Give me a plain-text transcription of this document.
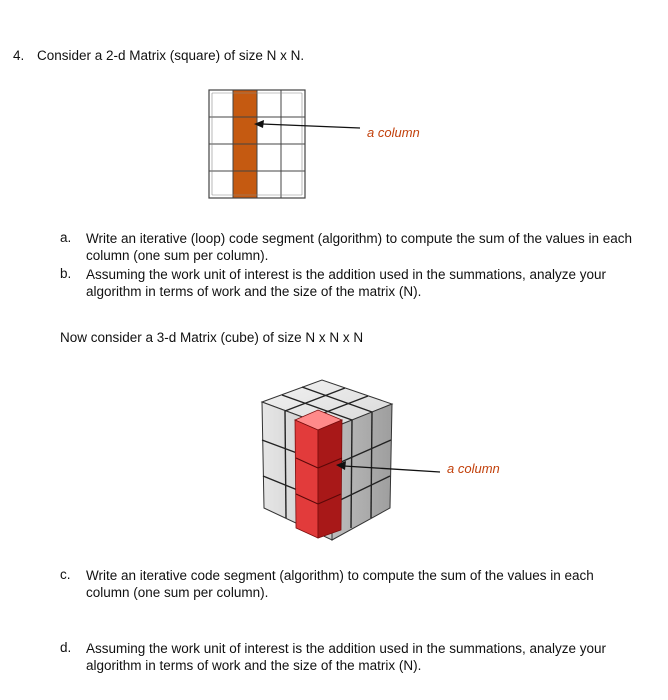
4. Consider a 2-d Matrix (square) of size N x N.
a column
a.	Write an iterative (loop) code segment (algorithm) to compute the sum of the values in each
column (one sum per column).
b.	Assuming the work unit of interest is the addition used in the summations, analyze your
algorithm in terms of work and the size of the matrix (N).
Now consider a 3-d Matrix (cube) of size N x N x N
a column
c.	Write an iterative code segment (algorithm) to compute the sum of the values in each
column (one sum per column).
d.	Assuming the work unit of interest is the addition used in the summations, analyze your
algorithm in terms of work and the size of the matrix (N).
